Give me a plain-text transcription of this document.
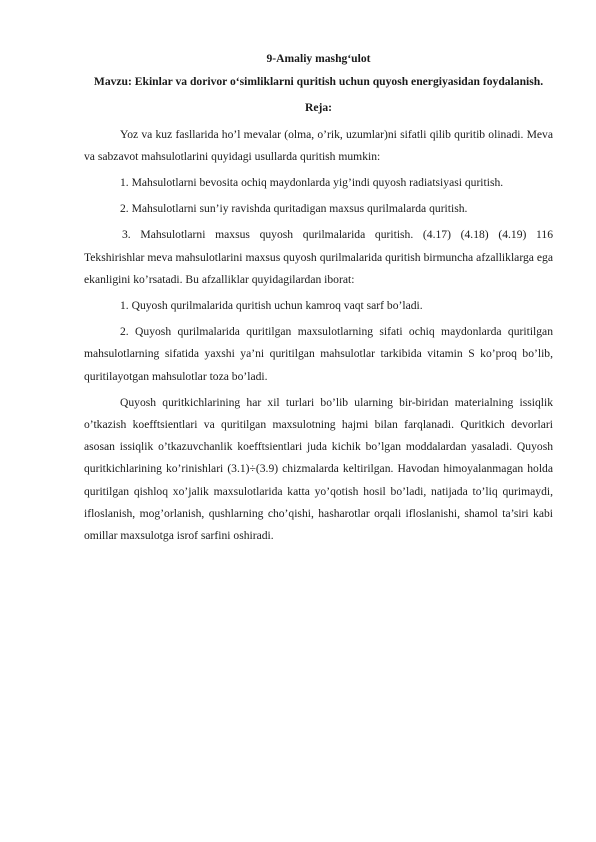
9-Amaliy mashg‘ulot

Mavzu: Ekinlar va dorivor o‘simliklarni quritish uchun quyosh energiyasidan foydalanish.

Reja:

Yoz va kuz fasllarida ho’l mevalar (olma, o’rik, uzumlar)ni sifatli qilib quritib olinadi. Meva va sabzavot mahsulotlarini quyidagi usullarda quritish mumkin:

1. Mahsulotlarni bevosita ochiq maydonlarda yig’indi quyosh radiatsiyasi quritish.

2. Mahsulotlarni sun’iy ravishda quritadigan maxsus qurilmalarda quritish.

3. Mahsulotlarni maxsus quyosh qurilmalarida quritish. (4.17) (4.18) (4.19) 116 Tekshirishlar meva mahsulotlarini maxsus quyosh qurilmalarida quritish birmuncha afzalliklarga ega ekanligini ko’rsatadi. Bu afzalliklar quyidagilardan iborat:

1. Quyosh qurilmalarida quritish uchun kamroq vaqt sarf bo’ladi.

2. Quyosh qurilmalarida quritilgan maxsulotlarning sifati ochiq maydonlarda quritilgan mahsulotlarning sifatida yaxshi ya’ni quritilgan mahsulotlar tarkibida vitamin S ko’proq bo’lib, quritilayotgan mahsulotlar toza bo’ladi.

Quyosh quritkichlarining har xil turlari bo’lib ularning bir-biridan materialning issiqlik o’tkazish koefftsientlari va quritilgan maxsulotning hajmi bilan farqlanadi. Quritkich devorlari asosan issiqlik o’tkazuvchanlik koefftsientlari juda kichik bo’lgan moddalardan yasaladi. Quyosh quritkichlarining ko’rinishlari (3.1)÷(3.9) chizmalarda keltirilgan. Havodan himoyalanmagan holda quritilgan qishloq xo’jalik maxsulotlarida katta yo’qotish hosil bo’ladi, natijada to’liq qurimaydi, ifloslanish, mog’orlanish, qushlarning cho’qishi, hasharotlar orqali ifloslanishi, shamol ta’siri kabi omillar maxsulotga isrof sarfini oshiradi.
